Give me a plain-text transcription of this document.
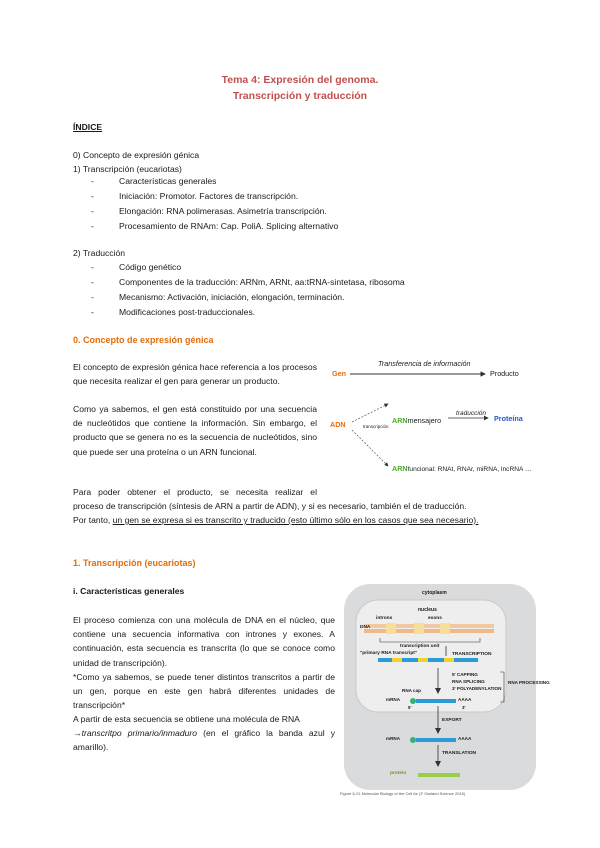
Tema 4: Expresión del genoma.
Transcripción y traducción
ÍNDICE
0) Concepto de expresión génica
1) Transcripción (eucariotas)
-	Características generales
-	Iniciación: Promotor. Factores de transcripción.
-	Elongación: RNA polimerasas. Asimetría transcripción.
-	Procesamiento de RNAm: Cap. PoliA. Splicing alternativo
2) Traducción
-	Código genético
-	Componentes de la traducción: ARNm, ARNt, aa:tRNA-sintetasa, ribosoma
-	Mecanismo: Activación, iniciación, elongación, terminación.
-	Modificaciones post-traduccionales.
0. Concepto de expresión génica
El concepto de expresión génica hace referencia a los procesos que necesita realizar el gen para generar un producto.
Como ya sabemos, el gen está constituido por una secuencia de nucleótidos que contiene la información. Sin embargo, el producto que se genera no es la secuencia de nucleótidos, sino que puede ser una proteína o un ARN funcional.
Para poder obtener el producto, se necesita realizar el
proceso de transcripción (síntesis de ARN a partir de ADN), y si es necesario, también el de traducción.
Por tanto, un gen se expresa si es transcrito y traducido (esto último sólo en los casos que sea necesario).
Gen
Transferencia de información
Producto
ADN	transcripción
ARNmensajero
traducción
Proteína
ARNfuncional: RNAt, RNAr, miRNA, lncRNA …
1. Transcripción (eucariotas)
i. Características generales
El proceso comienza con una molécula de DNA en el núcleo, que contiene una secuencia informativa con intrones y exones. A continuación, esta secuencia es transcrita (lo que se conoce como unidad de transcripción).
*Como ya sabemos, se puede tener distintos transcritos a partir de un gen, porque en este gen habrá diferentes unidades de transcripción*
A partir de esta secuencia se obtiene una molécula de RNA
→transcritpo primario/inmaduro (en el gráfico la banda azul y amarillo).
cytoplasm
nucleus
introns	exons
DNA
transcription unit
"primary RNA transcript"	TRANSCRIPTION
5' CAPPING
RNA SPLICING
3' POLYADENYLATION
RNA PROCESSING
RNA cap
mRNA	AAAA
5'	3'
EXPORT
mRNA	AAAA
TRANSLATION
protein
Figure 6-21 Molecular Biology of the Cell 6e (© Garland Science 2015)
